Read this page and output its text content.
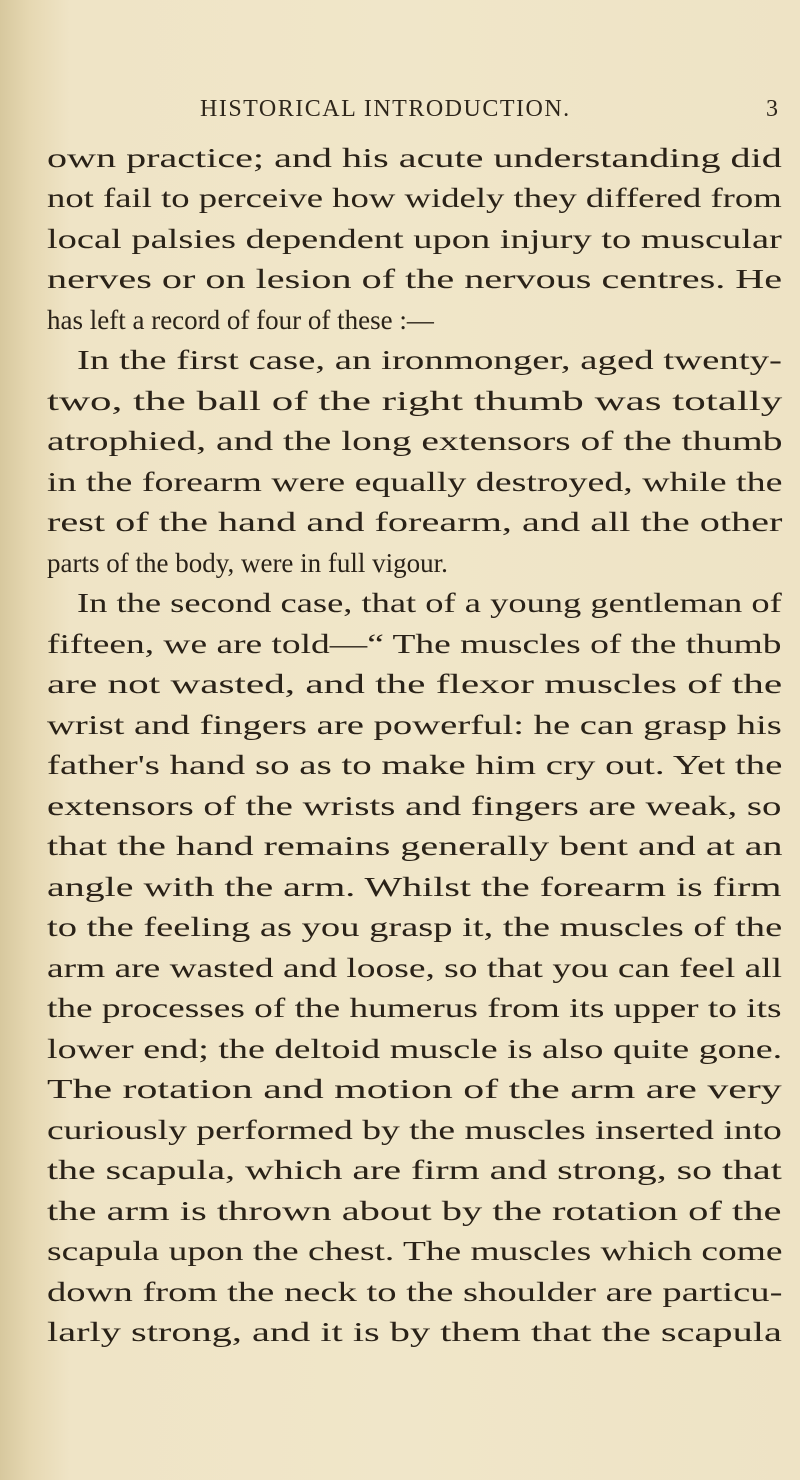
HISTORICAL INTRODUCTION.	3
own practice; and his acute understanding did
not fail to perceive how widely they differed from
local palsies dependent upon injury to muscular
nerves or on lesion of the nervous centres. He
has left a record of four of these :—
In the first case, an ironmonger, aged twenty-
two, the ball of the right thumb was totally
atrophied, and the long extensors of the thumb
in the forearm were equally destroyed, while the
rest of the hand and forearm, and all the other
parts of the body, were in full vigour.
In the second case, that of a young gentleman of
fifteen, we are told—“ The muscles of the thumb
are not wasted, and the flexor muscles of the
wrist and fingers are powerful: he can grasp his
father's hand so as to make him cry out. Yet the
extensors of the wrists and fingers are weak, so
that the hand remains generally bent and at an
angle with the arm. Whilst the forearm is firm
to the feeling as you grasp it, the muscles of the
arm are wasted and loose, so that you can feel all
the processes of the humerus from its upper to its
lower end; the deltoid muscle is also quite gone.
The rotation and motion of the arm are very
curiously performed by the muscles inserted into
the scapula, which are firm and strong, so that
the arm is thrown about by the rotation of the
scapula upon the chest. The muscles which come
down from the neck to the shoulder are particu-
larly strong, and it is by them that the scapula
